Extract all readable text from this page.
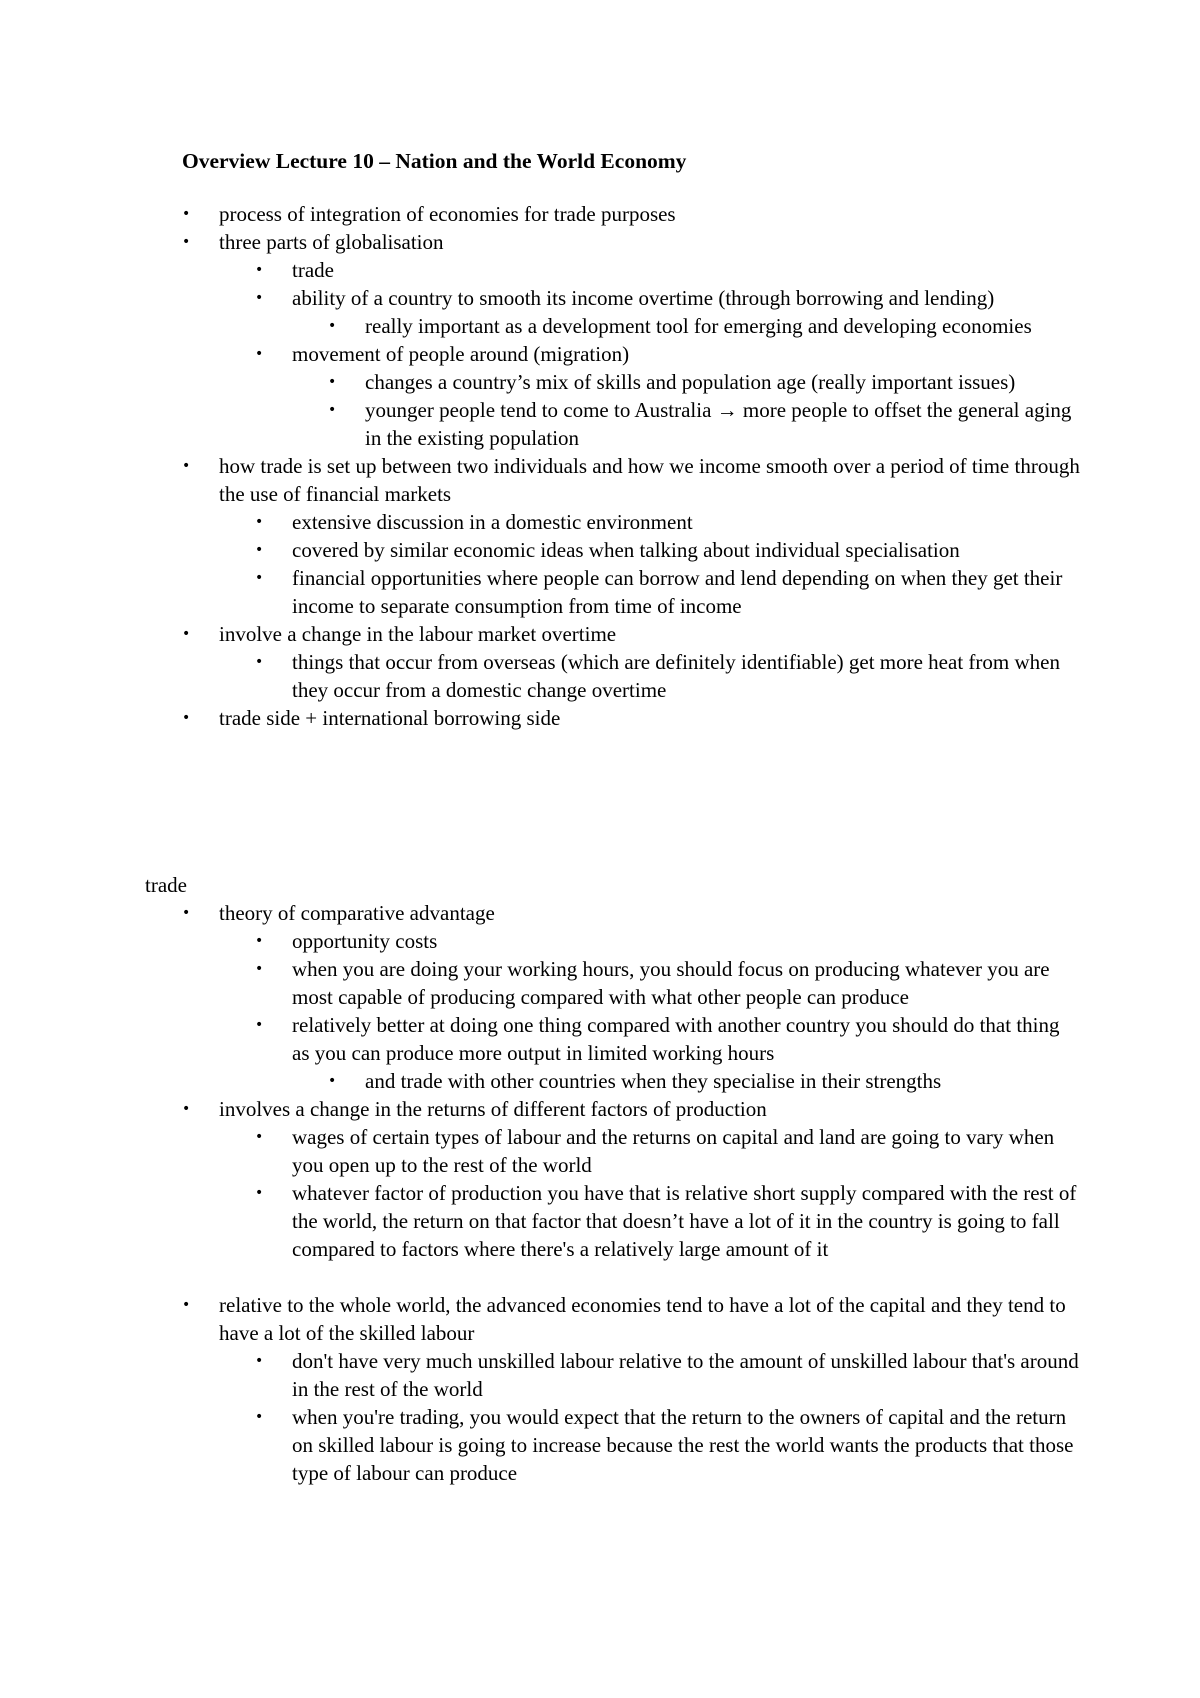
Overview Lecture 10 – Nation and the World Economy
•	process of integration of economies for trade purposes
•	three parts of globalisation
•	trade
•	ability of a country to smooth its income overtime (through borrowing and lending)
•	really important as a development tool for emerging and developing economies
•	movement of people around (migration)
•	changes a country’s mix of skills and population age (really important issues)
•	younger people tend to come to Australia → more people to offset the general aging in the existing population
•	how trade is set up between two individuals and how we income smooth over a period of time through the use of financial markets
•	extensive discussion in a domestic environment
•	covered by similar economic ideas when talking about individual specialisation
•	financial opportunities where people can borrow and lend depending on when they get their income to separate consumption from time of income
•	involve a change in the labour market overtime
•	things that occur from overseas (which are definitely identifiable) get more heat from when they occur from a domestic change overtime
•	trade side + international borrowing side
trade
•	theory of comparative advantage
•	opportunity costs
•	when you are doing your working hours, you should focus on producing whatever you are most capable of producing compared with what other people can produce
•	relatively better at doing one thing compared with another country you should do that thing as you can produce more output in limited working hours
•	and trade with other countries when they specialise in their strengths
•	involves a change in the returns of different factors of production
•	wages of certain types of labour and the returns on capital and land are going to vary when you open up to the rest of the world
•	whatever factor of production you have that is relative short supply compared with the rest of the world, the return on that factor that doesn’t have a lot of it in the country is going to fall compared to factors where there's a relatively large amount of it
•	relative to the whole world, the advanced economies tend to have a lot of the capital and they tend to have a lot of the skilled labour
•	don't have very much unskilled labour relative to the amount of unskilled labour that's around in the rest of the world
•	when you're trading, you would expect that the return to the owners of capital and the return on skilled labour is going to increase because the rest the world wants the products that those type of labour can produce
